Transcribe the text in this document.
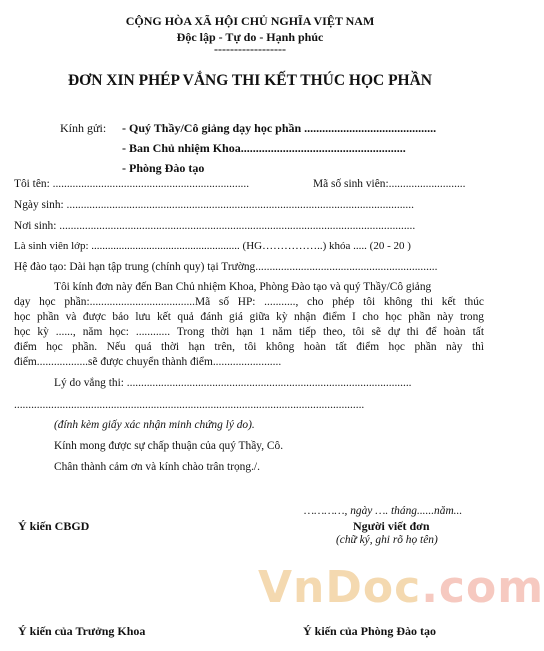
CỘNG HÒA XÃ HỘI CHỦ NGHĨA VIỆT NAM
Độc lập - Tự do - Hạnh phúc
------------------
ĐƠN XIN PHÉP VẮNG THI KẾT THÚC HỌC PHẦN
Kính gửi: - Quý Thầy/Cô giảng dạy học phần ............................................
- Ban Chủ nhiệm Khoa.......................................................
- Phòng Đào tạo
Tôi tên: .....................................................................	Mã số sinh viên:...........................
Ngày sinh: ..........................................................................................................................
Nơi sinh: .............................................................................................................................
Là sinh viên lớp: ...................................................... (HG……………..) khóa ..... (20 - 20 )
Hệ đào tạo: Dài hạn tập trung (chính quy) tại Trường................................................................
Tôi kính đơn này đến Ban Chủ nhiệm Khoa, Phòng Đào tạo và quý Thầy/Cô giảng
dạy học phần:.....................................Mã số HP: ..........., cho phép tôi không thi kết thúc
học phần và được bảo lưu kết quả đánh giá giữa kỳ nhận điểm I cho học phần này trong
học kỳ ......, năm học: ............ Trong thời hạn 1 năm tiếp theo, tôi sẽ dự thi để hoàn tất
điểm học phần. Nếu quá thời hạn trên, tôi không hoàn tất điểm học phần này thì
điểm..................sẽ được chuyển thành điểm........................
Lý do vắng thi: ....................................................................................................
...........................................................................................................................
(đính kèm giấy xác nhận minh chứng lý do).
Kính mong được sự chấp thuận của quý Thầy, Cô.
Chân thành cảm ơn và kính chào trân trọng./.
…………, ngày …. tháng......năm...
Ý kiến CBGD	Người viết đơn
(chữ ký, ghi rõ họ tên)
VnDoc.com
Ý kiến của Trưởng Khoa	Ý kiến của Phòng Đào tạo
